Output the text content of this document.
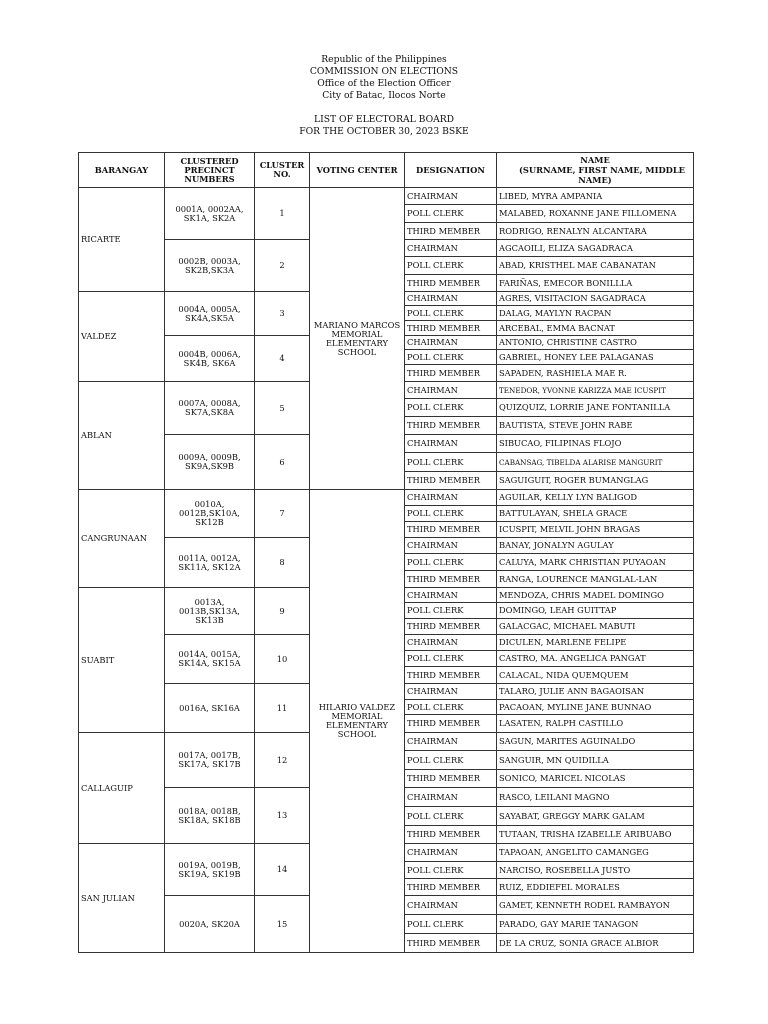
Republic of the Philippines
COMMISSION ON ELECTIONS
Office of the Election Officer
City of Batac, Ilocos Norte
LIST OF ELECTORAL BOARD
FOR THE OCTOBER 30, 2023 BSKE
BARANGAY	CLUSTERED PRECINCT NUMBERS	CLUSTER NO.	VOTING CENTER	DESIGNATION	NAME
(SURNAME, FIRST NAME, MIDDLE
NAME)

RICARTE	0001A, 0002AA, SK1A, SK2A	1	MARIANO MARCOS MEMORIAL ELEMENTARY SCHOOL	CHAIRMAN	LIBED, MYRA AMPANIA
				POLL CLERK	MALABED, ROXANNE JANE FILLOMENA
				THIRD MEMBER	RODRIGO, RENALYN ALCANTARA
	0002B, 0003A, SK2B,SK3A	2		CHAIRMAN	AGCAOILI, ELIZA SAGADRACA
				POLL CLERK	ABAD, KRISTHEL MAE CABANATAN
				THIRD MEMBER	FARIÑAS, EMECOR BONILLLA
VALDEZ	0004A, 0005A, SK4A,SK5A	3		CHAIRMAN	AGRES, VISITACION SAGADRACA
				POLL CLERK	DALAG, MAYLYN RACPAN
				THIRD MEMBER	ARCEBAL, EMMA BACNAT
	0004B, 0006A, SK4B, SK6A	4		CHAIRMAN	ANTONIO, CHRISTINE CASTRO
				POLL CLERK	GABRIEL, HONEY LEE PALAGANAS
				THIRD MEMBER	SAPADEN, RASHIELA MAE R.
ABLAN	0007A, 0008A, SK7A,SK8A	5		CHAIRMAN	TENEDOR, YVONNE KARIZZA MAE ICUSPIT
				POLL CLERK	QUIZQUIZ, LORRIE JANE FONTANILLA
				THIRD MEMBER	BAUTISTA, STEVE JOHN RABE
	0009A, 0009B, SK9A,SK9B	6		CHAIRMAN	SIBUCAO, FILIPINAS FLOJO
				POLL CLERK	CABANSAG, TIBELDA ALARISE MANGURIT
				THIRD MEMBER	SAGUIGUIT, ROGER BUMANGLAG
CANGRUNAAN	0010A, 0012B,SK10A, SK12B	7	HILARIO VALDEZ MEMORIAL ELEMENTARY SCHOOL	CHAIRMAN	AGUILAR, KELLY LYN BALIGOD
				POLL CLERK	BATTULAYAN, SHELA GRACE
				THIRD MEMBER	ICUSPIT, MELVIL JOHN BRAGAS
	0011A, 0012A, SK11A, SK12A	8		CHAIRMAN	BANAY, JONALYN AGULAY
				POLL CLERK	CALUYA, MARK CHRISTIAN PUYAOAN
				THIRD MEMBER	RANGA, LOURENCE MANGLAL-LAN
SUABIT	0013A, 0013B,SK13A, SK13B	9		CHAIRMAN	MENDOZA, CHRIS MADEL DOMINGO
				POLL CLERK	DOMINGO, LEAH GUITTAP
				THIRD MEMBER	GALACGAC, MICHAEL MABUTI
	0014A, 0015A, SK14A, SK15A	10		CHAIRMAN	DICULEN, MARLENE FELIPE
				POLL CLERK	CASTRO, MA. ANGELICA PANGAT
				THIRD MEMBER	CALACAL, NIDA QUEMQUEM
	0016A, SK16A	11		CHAIRMAN	TALARO, JULIE ANN BAGAOISAN
				POLL CLERK	PACAOAN, MYLINE JANE BUNNAO
				THIRD MEMBER	LASATEN, RALPH CASTILLO
CALLAGUIP	0017A, 0017B, SK17A, SK17B	12		CHAIRMAN	SAGUN, MARITES AGUINALDO
				POLL CLERK	SANGUIR, MN QUIDILLA
				THIRD MEMBER	SONICO, MARICEL NICOLAS
	0018A, 0018B, SK18A, SK18B	13		CHAIRMAN	RASCO, LEILANI MAGNO
				POLL CLERK	SAYABAT, GREGGY MARK GALAM
				THIRD MEMBER	TUTAAN, TRISHA IZABELLE ARIBUABO
SAN JULIAN	0019A, 0019B, SK19A, SK19B	14		CHAIRMAN	TAPAOAN, ANGELITO CAMANGEG
				POLL CLERK	NARCISO, ROSEBELLA JUSTO
				THIRD MEMBER	RUIZ, EDDIEFEL MORALES
	0020A, SK20A	15		CHAIRMAN	GAMET, KENNETH RODEL RAMBAYON
				POLL CLERK	PARADO, GAY MARIE TANAGON
				THIRD MEMBER	DE LA CRUZ, SONIA GRACE ALBIOR
